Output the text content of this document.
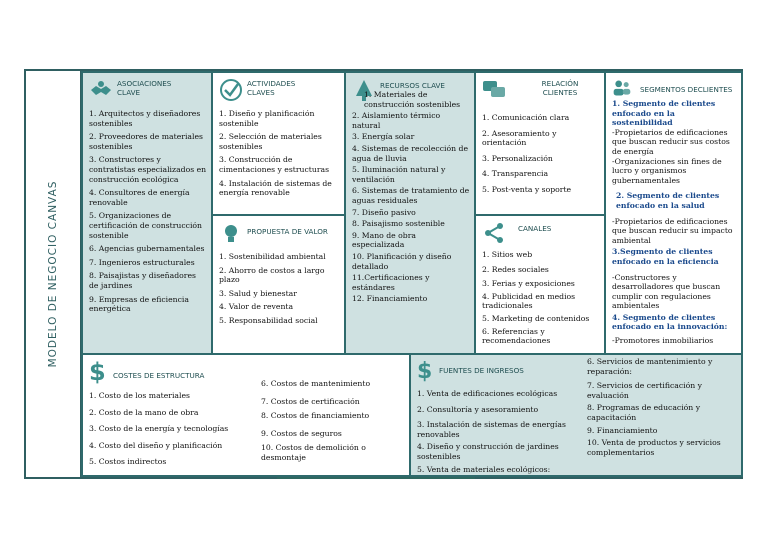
MODELO DE NEGOCIO CANVAS
ASOCIACIONES CLAVE
1. Arquitectos y diseñadores sostenibles
2. Proveedores de materiales sostenibles
3. Constructores y contratistas especializados en construcción ecológica
4. Consultores de energía renovable
5. Organizaciones de certificación de construcción sostenible
6. Agencias gubernamentales
7. Ingenieros estructurales
8. Paisajistas y diseñadores de jardines
9. Empresas de eficiencia energética
ACTIVIDADES CLAVES
1. Diseño y planificación sostenible
2. Selección de materiales sostenibles
3. Construcción de cimentaciones y estructuras
4. Instalación de sistemas de energía renovable
PROPUESTA DE VALOR
1. Sostenibilidad ambiental
2. Ahorro de costos a largo plazo
3. Salud y bienestar
4. Valor de reventa
5. Responsabilidad social
RECURSOS CLAVE
1. Materiales de construcción sostenibles
2. Aislamiento térmico natural
3. Energía solar
4. Sistemas de recolección de agua de lluvia
5. Iluminación natural y ventilación
6. Sistemas de tratamiento de aguas residuales
7. Diseño pasivo
8. Paisajismo sostenible
9. Mano de obra especializada
10. Planificación y diseño detallado
11.Certificaciones y estándares
12. Financiamiento
RELACIÓN CLIENTES
1. Comunicación clara
2. Asesoramiento y orientación
3. Personalización
4. Transparencia
5. Post-venta y soporte
CANALES
1. Sitios web
2. Redes sociales
3. Ferias y exposiciones
4. Publicidad en medios tradicionales
5. Marketing de contenidos
6. Referencias y recomendaciones
SEGMENTOS DECLIENTES
1. Segmento de clientes enfocado en la sostenibilidad
-Propietarios de edificaciones que buscan reducir sus costos de energía
-Organizaciones sin fines de lucro y organismos gubernamentales
2. Segmento de clientes enfocado en la salud
-Propietarios de edificaciones que buscan reducir su impacto ambiental
3.Segmento de clientes enfocado en la eficiencia
-Constructores y desarrolladores que buscan cumplir con regulaciones ambientales
4. Segmento de clientes enfocado en la innovación:
-Promotores inmobiliarios
$	COSTES DE ESTRUCTURA
1. Costo de los materiales
2. Costo de la mano de obra
3. Costo de la energía y tecnologías
4. Costo del diseño y planificación
5. Costos indirectos
6. Costos de mantenimiento
7. Costos de certificación
8. Costos de financiamiento
9. Costos de seguros
10. Costos de demolición o desmontaje
$ FUENTES DE INGRESOS
1. Venta de edificaciones ecológicas
2. Consultoría y asesoramiento
3. Instalación de sistemas de energías renovables
4. Diseño y construcción de jardines sostenibles
5. Venta de materiales ecológicos:
6. Servicios de mantenimiento y reparación:
7. Servicios de certificación y evaluación
8. Programas de educación y capacitación
9. Financiamiento
10. Venta de productos y servicios complementarios
